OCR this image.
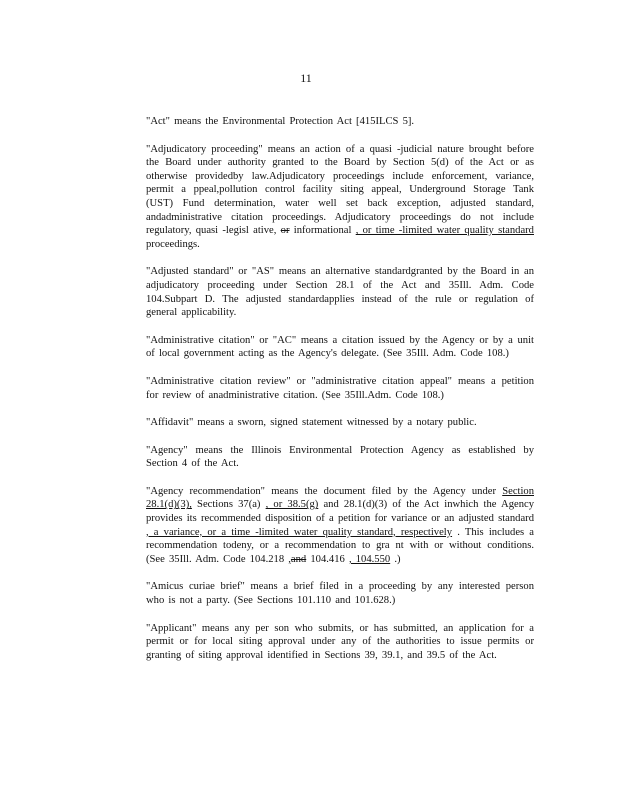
11

"Act" means the Environmental Protection Act [415ILCS 5].

"Adjudicatory proceeding" means an action of a quasi -judicial nature brought before the Board under authority granted to the Board by Section 5(d) of the Act or as otherwise providedby law.Adjudicatory proceedings include enforcement, variance, permit a ppeal,pollution control facility siting appeal, Underground Storage Tank (UST) Fund determination, water well set back exception, adjusted standard, andadministrative citation proceedings. Adjudicatory proceedings do not include regulatory, quasi -legisl ative, or informational , or time -limited water quality standard proceedings.

"Adjusted standard" or "AS" means an alternative standardgranted by the Board in an adjudicatory proceeding under Section 28.1 of the Act and 35Ill. Adm. Code 104.Subpart D. The adjusted standardapplies instead of the rule or regulation of general applicability.

"Administrative citation" or "AC" means a citation issued by the Agency or by a unit of local government acting as the Agency's delegate. (See 35Ill. Adm. Code 108.)

"Administrative citation review" or "administrative citation appeal" means a petition for review of anadministrative citation. (See 35Ill.Adm. Code 108.)

"Affidavit" means a sworn, signed statement witnessed by a notary public.

"Agency" means the Illinois Environmental Protection Agency as established by Section 4 of the Act.

"Agency recommendation" means the document filed by the Agency under Section 28.1(d)(3), Sections 37(a) , or 38.5(g) and 28.1(d)(3) of the Act inwhich the Agency provides its recommended disposition of a petition for variance or an adjusted standard , a variance, or a time -limited water quality standard, respectively . This includes a recommendation todeny, or a recommendation to gra nt with or without conditions. (See 35Ill. Adm. Code 104.218 ,and 104.416 , 104.550 .)

"Amicus curiae brief" means a brief filed in a proceeding by any interested person who is not a party. (See Sections 101.110 and 101.628.)

"Applicant" means any per son who submits, or has submitted, an application for a permit or for local siting approval under any of the authorities to issue permits or granting of siting approval identified in Sections 39, 39.1, and 39.5 of the Act.
